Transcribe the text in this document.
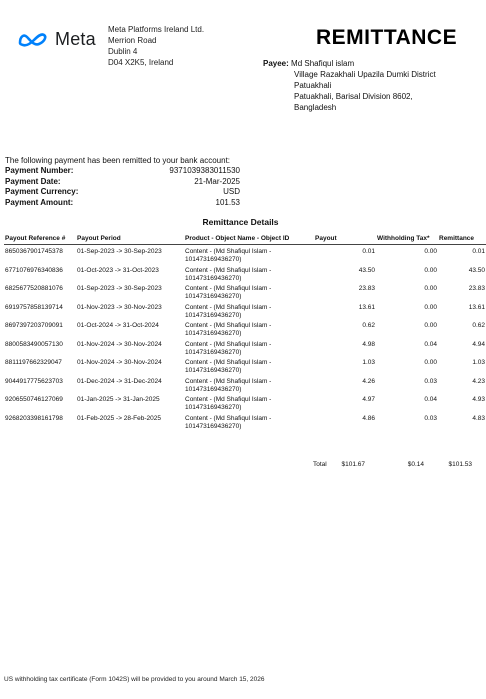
Meta Meta Platforms Ireland Ltd.
Merrion Road
Dublin 4
D04 X2K5, Ireland
REMITTANCE
Payee: Md Shafiqul islam
Village Razakhali Upazila Dumki District
Patuakhali
Patuakhali, Barisal Division 8602,
Bangladesh
The following payment has been remitted to your bank account:
Payment Number:	9371039383011530
Payment Date:	21-Mar-2025
Payment Currency:	USD
Payment Amount:	101.53
Remittance Details
Payout Reference #	Payout Period	Product - Object Name - Object ID	Payout	Withholding Tax*	Remittance
8650367901745378	01-Sep-2023 -> 30-Sep-2023	Content - (Md Shafiqul Islam -
101473169436270)	0.01	0.00	0.01
6771076976340836	01-Oct-2023 -> 31-Oct-2023	Content - (Md Shafiqul Islam -
101473169436270)	43.50	0.00	43.50
6825677520881076	01-Sep-2023 -> 30-Sep-2023	Content - (Md Shafiqul Islam -
101473169436270)	23.83	0.00	23.83
6919757858139714	01-Nov-2023 -> 30-Nov-2023	Content - (Md Shafiqul Islam -
101473169436270)	13.61	0.00	13.61
8697397203709091	01-Oct-2024 -> 31-Oct-2024	Content - (Md Shafiqul Islam -
101473169436270)	0.62	0.00	0.62
8800583490057130	01-Nov-2024 -> 30-Nov-2024	Content - (Md Shafiqul Islam -
101473169436270)	4.98	0.04	4.94
8811197662329047	01-Nov-2024 -> 30-Nov-2024	Content - (Md Shafiqul Islam -
101473169436270)	1.03	0.00	1.03
9044917775623703	01-Dec-2024 -> 31-Dec-2024	Content - (Md Shafiqul Islam -
101473169436270)	4.26	0.03	4.23
9206550746127069	01-Jan-2025 -> 31-Jan-2025	Content - (Md Shafiqul Islam -
101473169436270)	4.97	0.04	4.93
9268203398161798	01-Feb-2025 -> 28-Feb-2025	Content - (Md Shafiqul Islam -
101473169436270)	4.86	0.03	4.83
Total	$101.67	$0.14	$101.53
US withholding tax certificate (Form 1042S) will be provided to you around March 15, 2026
